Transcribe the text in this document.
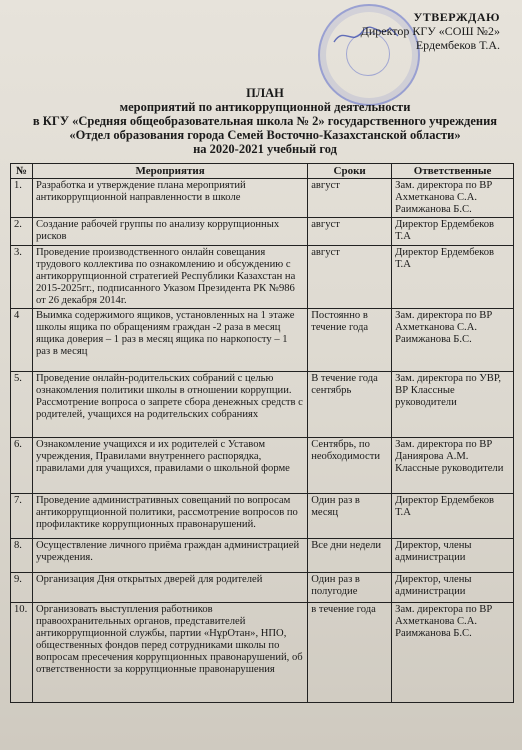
УТВЕРЖДАЮ
Директор КГУ «СОШ №2»
Ердембеков Т.А.
ПЛАН
мероприятий по антикоррупционной деятельности
в КГУ «Средняя общеобразовательная школа № 2» государственного учреждения
«Отдел образования города Семей Восточно-Казахстанской области»
на 2020-2021 учебный год
№	Мероприятия	Сроки	Ответственные
1.	Разработка и утверждение плана мероприятий антикоррупционной направленности в школе	август	Зам. директора по ВР Ахметканова С.А. Раимжанова Б.С.
2.	Создание рабочей группы по анализу коррупционных рисков	август	Директор Ердембеков Т.А
3.	Проведение производственного онлайн совещания трудового коллектива по ознакомлению и обсуждению с антикоррупционной стратегией Республики Казахстан на 2015-2025гг., подписанного Указом Президента РК №986 от 26 декабря 2014г.	август	Директор Ердембеков Т.А
4	Выимка содержимого ящиков, установленных на 1 этаже школы ящика по обращениям граждан -2 раза в месяц ящика доверия – 1 раз в месяц ящика по наркопосту – 1 раз в месяц	Постоянно в течение года	Зам. директора по ВР Ахметканова С.А. Раимжанова Б.С.
5.	Проведение онлайн-родительских собраний с целью ознакомления политики школы в отношении коррупции. Рассмотрение вопроса о запрете сбора денежных средств с родителей, учащихся на родительских собраниях	В течение года сентябрь	Зам. директора по УВР, ВР Классные руководители
6.	Ознакомление учащихся и их родителей с Уставом учреждения, Правилами внутреннего распорядка, правилами для учащихся, правилами о школьной форме	Сентябрь, по необходимости	Зам. директора по ВР Даниярова А.М. Классные руководители
7.	Проведение административных совещаний по вопросам антикоррупционной политики, рассмотрение вопросов по профилактике коррупционных правонарушений.	Один раз в месяц	Директор Ердембеков Т.А
8.	Осуществление личного приёма граждан администрацией учреждения.	Все дни недели	Директор, члены администрации
9.	Организация Дня открытых дверей для родителей	Один раз в полугодие	Директор, члены администрации
10.	Организовать выступления работников правоохранительных органов, представителей антикоррупционной службы, партии «НұрОтан», НПО, общественных фондов перед сотрудниками школы по вопросам пресечения коррупционных правонарушений, об ответственности за коррупционные правонарушения	в течение года	Зам. директора по ВР Ахметканова С.А. Раимжанова Б.С.
